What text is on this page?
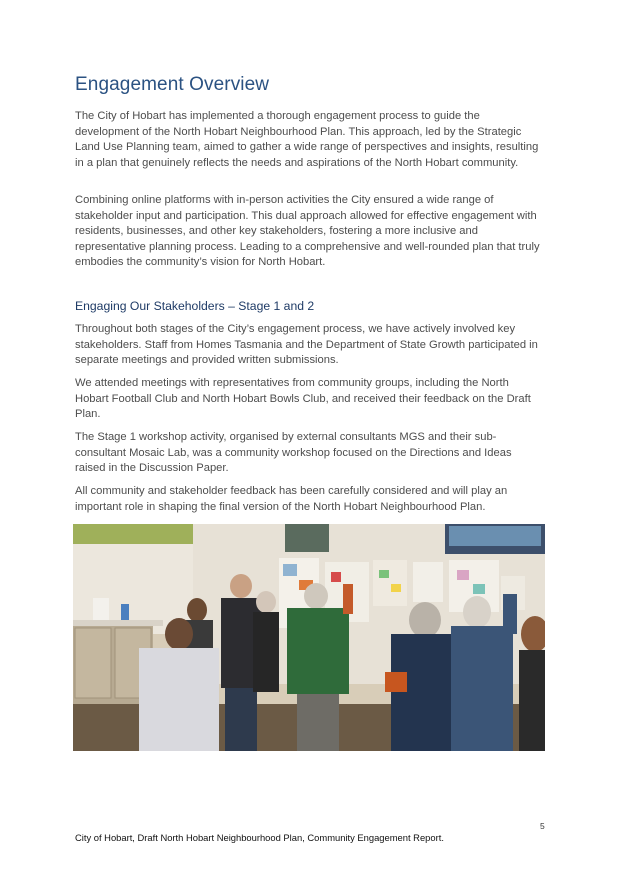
Engagement Overview

The City of Hobart has implemented a thorough engagement process to guide the development of the North Hobart Neighbourhood Plan. This approach, led by the Strategic Land Use Planning team, aimed to gather a wide range of perspectives and insights, resulting in a plan that genuinely reflects the needs and aspirations of the North Hobart community.

Combining online platforms with in-person activities the City ensured a wide range of stakeholder input and participation. This dual approach allowed for effective engagement with residents, businesses, and other key stakeholders, fostering a more inclusive and representative planning process. Leading to a comprehensive and well-rounded plan that truly embodies the community’s vision for North Hobart.

Engaging Our Stakeholders – Stage 1 and 2

Throughout both stages of the City’s engagement process, we have actively involved key stakeholders. Staff from Homes Tasmania and the Department of State Growth participated in separate meetings and provided written submissions.

We attended meetings with representatives from community groups, including the North Hobart Football Club and North Hobart Bowls Club, and received their feedback on the Draft Plan.

The Stage 1 workshop activity, organised by external consultants MGS and their sub-consultant Mosaic Lab, was a community workshop focused on the Directions and Ideas raised in the Discussion Paper.

All community and stakeholder feedback has been carefully considered and will play an important role in shaping the final version of the North Hobart Neighbourhood Plan.

5
City of Hobart, Draft North Hobart Neighbourhood Plan, Community Engagement Report.
